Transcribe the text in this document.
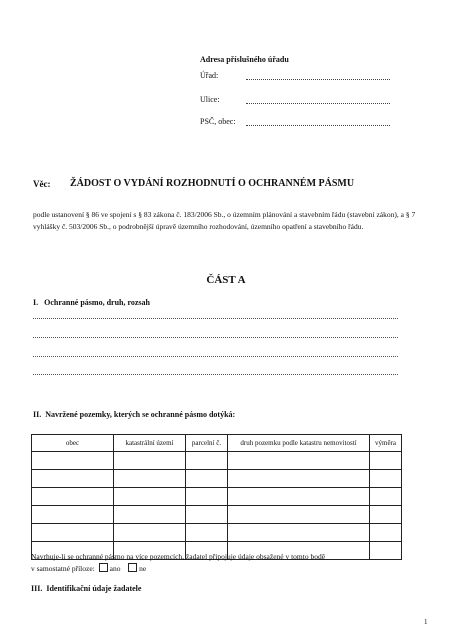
Adresa příslušného úřadu
Úřad:
Ulice:
PSČ, obec:
Věc: ŽÁDOST O VYDÁNÍ ROZHODNUTÍ O OCHRANNÉM PÁSMU
podle ustanovení § 86 ve spojení s § 83 zákona č. 183/2006 Sb., o územním plánování a stavebním řádu (stavební zákon), a § 7 vyhlášky č. 503/2006 Sb., o podrobnější úpravě územního rozhodování, územního opatření a stavebního řádu.
ČÁST A
I.   Ochranné pásmo, druh, rozsah
II.  Navržené pozemky, kterých se ochranné pásmo dotýká:
obec	katastrální území	parcelní č.	druh pozemku podle katastru nemovitostí	výměra

Navrhuje-li se ochranné pásmo na více pozemcích, žadatel připojuje údaje obsažené v tomto bodě
v samostatné příloze: ano ne
III.  Identifikační údaje žadatele
1
